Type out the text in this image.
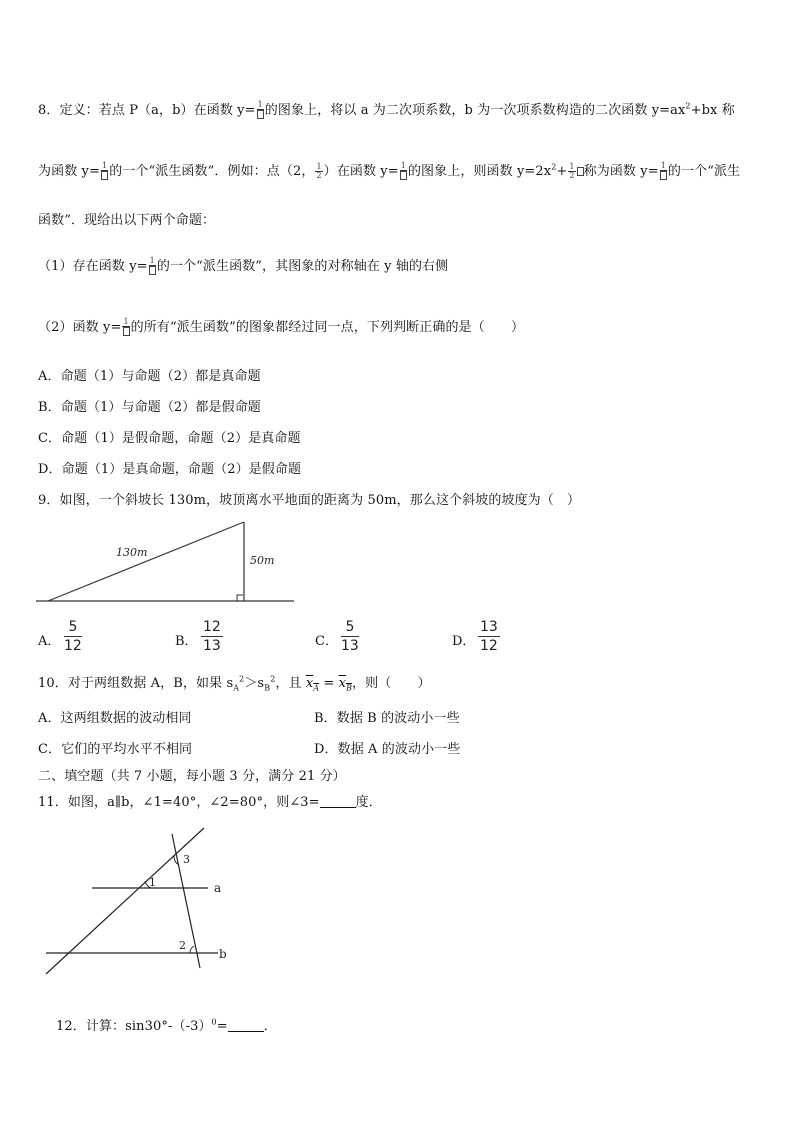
8．定义：若点 P（a，b）在函数 y= 1 的图象上，将以 a 为二次项系数，b 为一次项系数构造的二次函数 $y=ax^2+bx$ 称
为函数 y= 1 的一个“派生函数”．例如：点（2， $\frac{1}{2}$ ）在函数 y= 1 的图象上，则函数 $y=2x^2+ \frac{1}{2}$ 称为函数 y= 1 的一个“派生
函数”．现给出以下两个命题：
（1）存在函数 y= 1 的一个“派生函数”，其图象的对称轴在 y 轴的右侧
（2）函数 y= 1 的所有“派生函数”的图象都经过同一点，下列判断正确的是（　　）
A．命题（1）与命题（2）都是真命题
B．命题（1）与命题（2）都是假命题
C．命题（1）是假命题，命题（2）是真命题
D．命题（1）是真命题，命题（2）是假命题
9．如图，一个斜坡长 130m，坡顶离水平地面的距离为 50m，那么这个斜坡的坡度为（　）
130m
50m
A． $\frac{5}{12}$	B． $\frac{12}{13}$	C． $\frac{5}{13}$	D． $\frac{13}{12}$
10．对于两组数据 A，B，如果 $s_A^2>s_B^2$，且 $x_A = x_B$，则（　　）
A．这两组数据的波动相同	B．数据 B 的波动小一些
C．它们的平均水平不相同	D．数据 A 的波动小一些
二、填空题（共 7 小题，每小题 3 分，满分 21 分）
11．如图，a∥b，∠1=40°，∠2=80°，则∠3=	度．
1
2
3
a
b
12．计算：$\sin 30^\circ-(-3)^0=$	．
